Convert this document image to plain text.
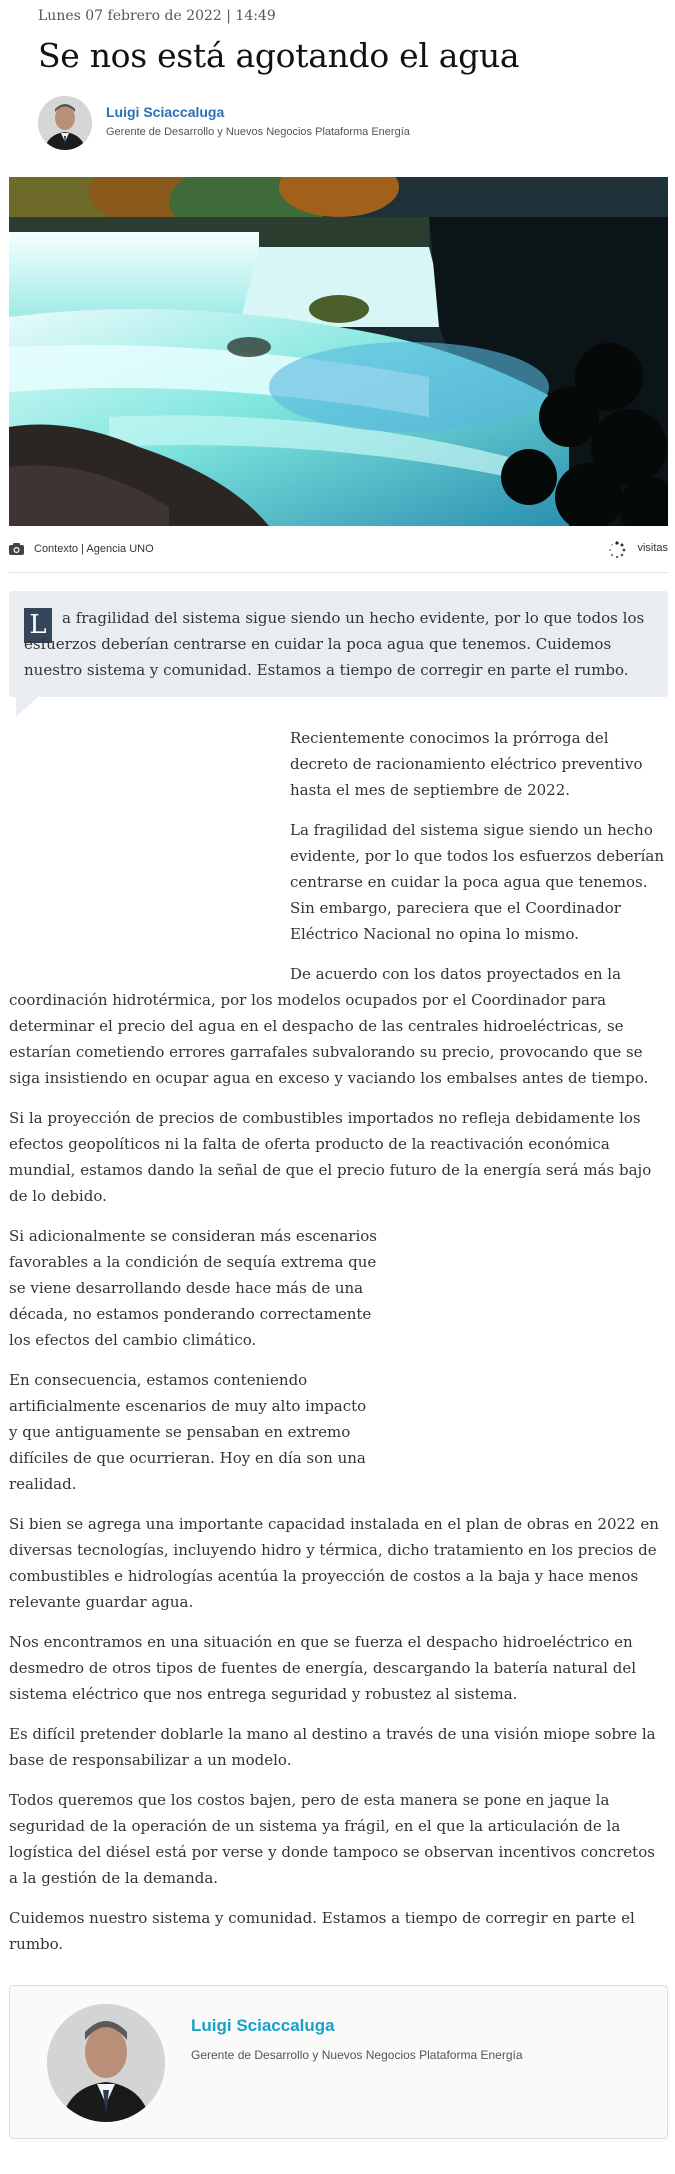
Lunes 07 febrero de 2022 | 14:49
Se nos está agotando el agua
Luigi Sciaccaluga
Gerente de Desarrollo y Nuevos Negocios Plataforma Energía
Contexto | Agencia UNO	visitas
L	a fragilidad del sistema sigue siendo un hecho evidente, por lo que todos los esfuerzos deberían centrarse en cuidar la poca agua que tenemos. Cuidemos nuestro sistema y comunidad. Estamos a tiempo de corregir en parte el rumbo.

Recientemente conocimos la prórroga del decreto de racionamiento eléctrico preventivo hasta el mes de septiembre de 2022.

La fragilidad del sistema sigue siendo un hecho evidente, por lo que todos los esfuerzos deberían centrarse en cuidar la poca agua que tenemos. Sin embargo, pareciera que el Coordinador Eléctrico Nacional no opina lo mismo.

De acuerdo con los datos proyectados en la

coordinación hidrotérmica, por los modelos ocupados por el Coordinador para determinar el precio del agua en el despacho de las centrales hidroeléctricas, se estarían cometiendo errores garrafales subvalorando su precio, provocando que se siga insistiendo en ocupar agua en exceso y vaciando los embalses antes de tiempo.

Si la proyección de precios de combustibles importados no refleja debidamente los efectos geopolíticos ni la falta de oferta producto de la reactivación económica mundial, estamos dando la señal de que el precio futuro de la energía será más bajo de lo debido.

Si adicionalmente se consideran más escenarios favorables a la condición de sequía extrema que se viene desarrollando desde hace más de una década, no estamos ponderando correctamente los efectos del cambio climático.

En consecuencia, estamos conteniendo artificialmente escenarios de muy alto impacto y que antiguamente se pensaban en extremo difíciles de que ocurrieran. Hoy en día son una realidad.

Si bien se agrega una importante capacidad instalada en el plan de obras en 2022 en diversas tecnologías, incluyendo hidro y térmica, dicho tratamiento en los precios de combustibles e hidrologías acentúa la proyección de costos a la baja y hace menos relevante guardar agua.

Nos encontramos en una situación en que se fuerza el despacho hidroeléctrico en desmedro de otros tipos de fuentes de energía, descargando la batería natural del sistema eléctrico que nos entrega seguridad y robustez al sistema.

Es difícil pretender doblarle la mano al destino a través de una visión miope sobre la base de responsabilizar a un modelo.

Todos queremos que los costos bajen, pero de esta manera se pone en jaque la seguridad de la operación de un sistema ya frágil, en el que la articulación de la logística del diésel está por verse y donde tampoco se observan incentivos concretos a la gestión de la demanda.

Cuidemos nuestro sistema y comunidad. Estamos a tiempo de corregir en parte el rumbo.

Luigi Sciaccaluga
Gerente de Desarrollo y Nuevos Negocios Plataforma Energía
